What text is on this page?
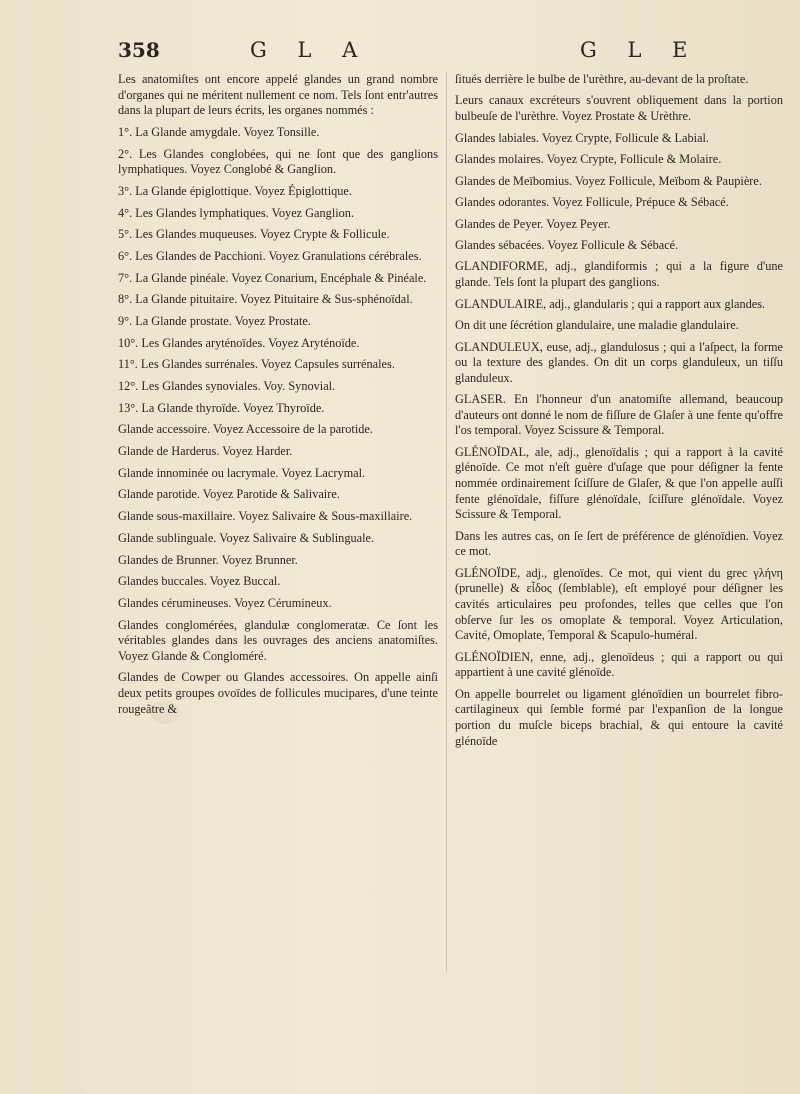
358	G L A	G L E

Les anatomiſtes ont encore appelé glandes un grand nombre d'organes qui ne méritent nullement ce nom. Tels ſont entr'autres dans la plupart de leurs écrits, les organes nommés :

1°. La Glande amygdale. Voyez Tonsille.

2°. Les Glandes conglobées, qui ne ſont que des ganglions lymphatiques. Voyez Conglobé & Ganglion.

3°. La Glande épiglottique. Voyez Épiglottique.

4°. Les Glandes lymphatiques. Voyez Ganglion.

5°. Les Glandes muqueuses. Voyez Crypte & Follicule.

6°. Les Glandes de Pacchioni. Voyez Granulations cérébrales.

7°. La Glande pinéale. Voyez Conarium, Encéphale & Pinéale.

8°. La Glande pituitaire. Voyez Pituitaire & Sus-sphénoïdal.

9°. La Glande prostate. Voyez Prostate.

10°. Les Glandes aryténoïdes. Voyez Aryténoïde.

11°. Les Glandes surrénales. Voyez Capsules surrénales.

12°. Les Glandes synoviales. Voy. Synovial.

13°. La Glande thyroïde. Voyez Thyroïde.

Glande accessoire. Voyez Accessoire de la parotide.

Glande de Harderus. Voyez Harder.

Glande innominée ou lacrymale. Voyez Lacrymal.

Glande parotide. Voyez Parotide & Salivaire.

Glande sous-maxillaire. Voyez Salivaire & Sous-maxillaire.

Glande sublinguale. Voyez Salivaire & Sublinguale.

Glandes de Brunner. Voyez Brunner.

Glandes buccales. Voyez Buccal.

Glandes cérumineuses. Voyez Cérumineux.

Glandes conglomérées, glandulæ conglomeratæ. Ce ſont les véritables glandes dans les ouvrages des anciens anatomiſtes. Voyez Glande & Congloméré.

Glandes de Cowper ou Glandes accessoires. On appelle ainſi deux petits groupes ovoïdes de follicules mucipares, d'une teinte rougeâtre &

ſitués derrière le bulbe de l'urèthre, au-devant de la proſtate.

Leurs canaux excréteurs s'ouvrent obliquement dans la portion bulbeuſe de l'urèthre. Voyez Prostate & Urèthre.

Glandes labiales. Voyez Crypte, Follicule & Labial.

Glandes molaires. Voyez Crypte, Follicule & Molaire.

Glandes de Meïbomius. Voyez Follicule, Meïbom & Paupière.

Glandes odorantes. Voyez Follicule, Prépuce & Sébacé.

Glandes de Peyer. Voyez Peyer.

Glandes sébacées. Voyez Follicule & Sébacé.

GLANDIFORME, adj., glandiformis ; qui a la figure d'une glande. Tels ſont la plupart des ganglions.

GLANDULAIRE, adj., glandularis ; qui a rapport aux glandes.

On dit une ſécrétion glandulaire, une maladie glandulaire.

GLANDULEUX, euse, adj., glandulosus ; qui a l'aſpect, la forme ou la texture des glandes. On dit un corps glanduleux, un tiſſu glanduleux.

GLASER. En l'honneur d'un anatomiſte allemand, beaucoup d'auteurs ont donné le nom de fiſſure de Glaſer à une fente qu'offre l'os temporal. Voyez Scissure & Temporal.

GLÉNOÏDAL, ale, adj., glenoïdalis ; qui a rapport à la cavité glénoïde. Ce mot n'eſt guère d'uſage que pour déſigner la fente nommée ordinairement ſciſſure de Glaſer, & que l'on appelle auſſi fente glénoïdale, fiſſure glénoïdale, ſciſſure glénoïdale. Voyez Scissure & Temporal.

Dans les autres cas, on ſe ſert de préférence de glénoïdien. Voyez ce mot.

GLÉNOÏDE, adj., glenoïdes. Ce mot, qui vient du grec γλήνη (prunelle) & εἶδος (ſemblable), eſt employé pour déſigner les cavités articulaires peu profondes, telles que celles que l'on obſerve ſur les os omoplate & temporal. Voyez Articulation, Cavité, Omoplate, Temporal & Scapulo-huméral.

GLÉNOÏDIEN, enne, adj., glenoïdeus ; qui a rapport ou qui appartient à une cavité glénoïde.

On appelle bourrelet ou ligament glénoïdien un bourrelet fibro-cartilagineux qui ſemble formé par l'expanſion de la longue portion du muſcle biceps brachial, & qui entoure la cavité glénoïde
